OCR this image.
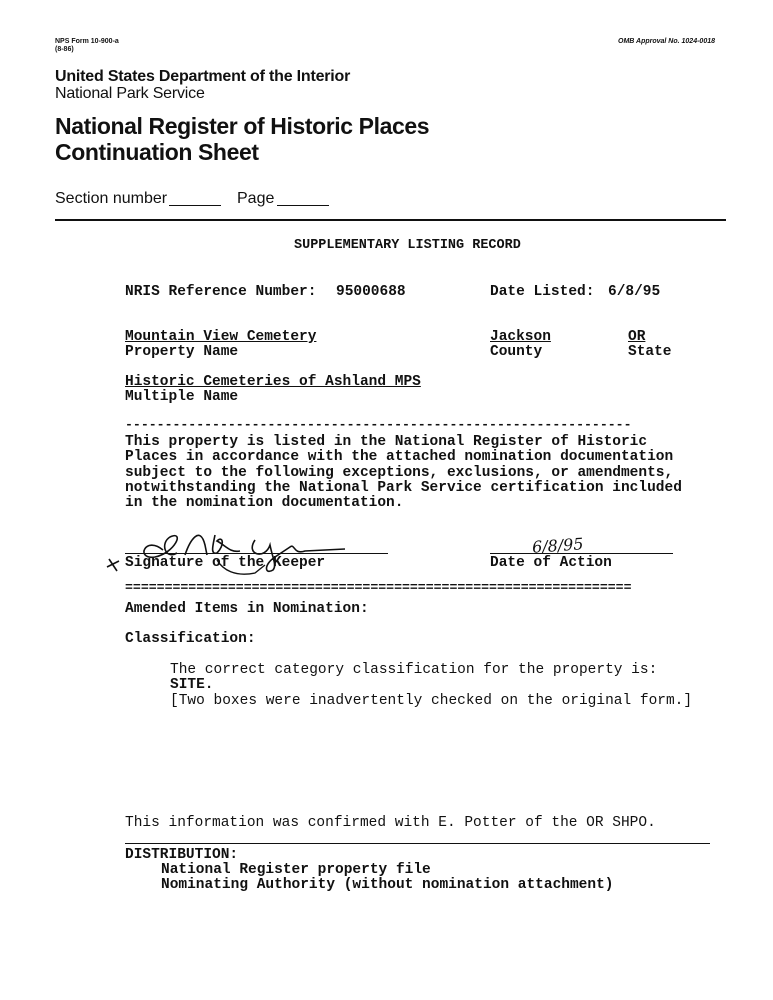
NPS Form 10-900-a
(8-86)
OMB Approval No. 1024-0018
United States Department of the Interior
National Park Service
National Register of Historic Places
Continuation Sheet
Section number	Page
SUPPLEMENTARY LISTING RECORD
NRIS Reference Number: 95000688	Date Listed: 6/8/95
Mountain View Cemetery
Property Name
Jackson
County
OR
State
Historic Cemeteries of Ashland MPS
Multiple Name
----------------------------------------------------------------
This property is listed in the National Register of Historic
Places in accordance with the attached nomination documentation
subject to the following exceptions, exclusions, or amendments,
notwithstanding the National Park Service certification included
in the nomination documentation.
Signature of the Keeper
6/8/95
Date of Action
================================================================
Amended Items in Nomination:
Classification:
The correct category classification for the property is:
SITE.
[Two boxes were inadvertently checked on the original form.]
This information was confirmed with E. Potter of the OR SHPO.
DISTRIBUTION:
National Register property file
Nominating Authority (without nomination attachment)
